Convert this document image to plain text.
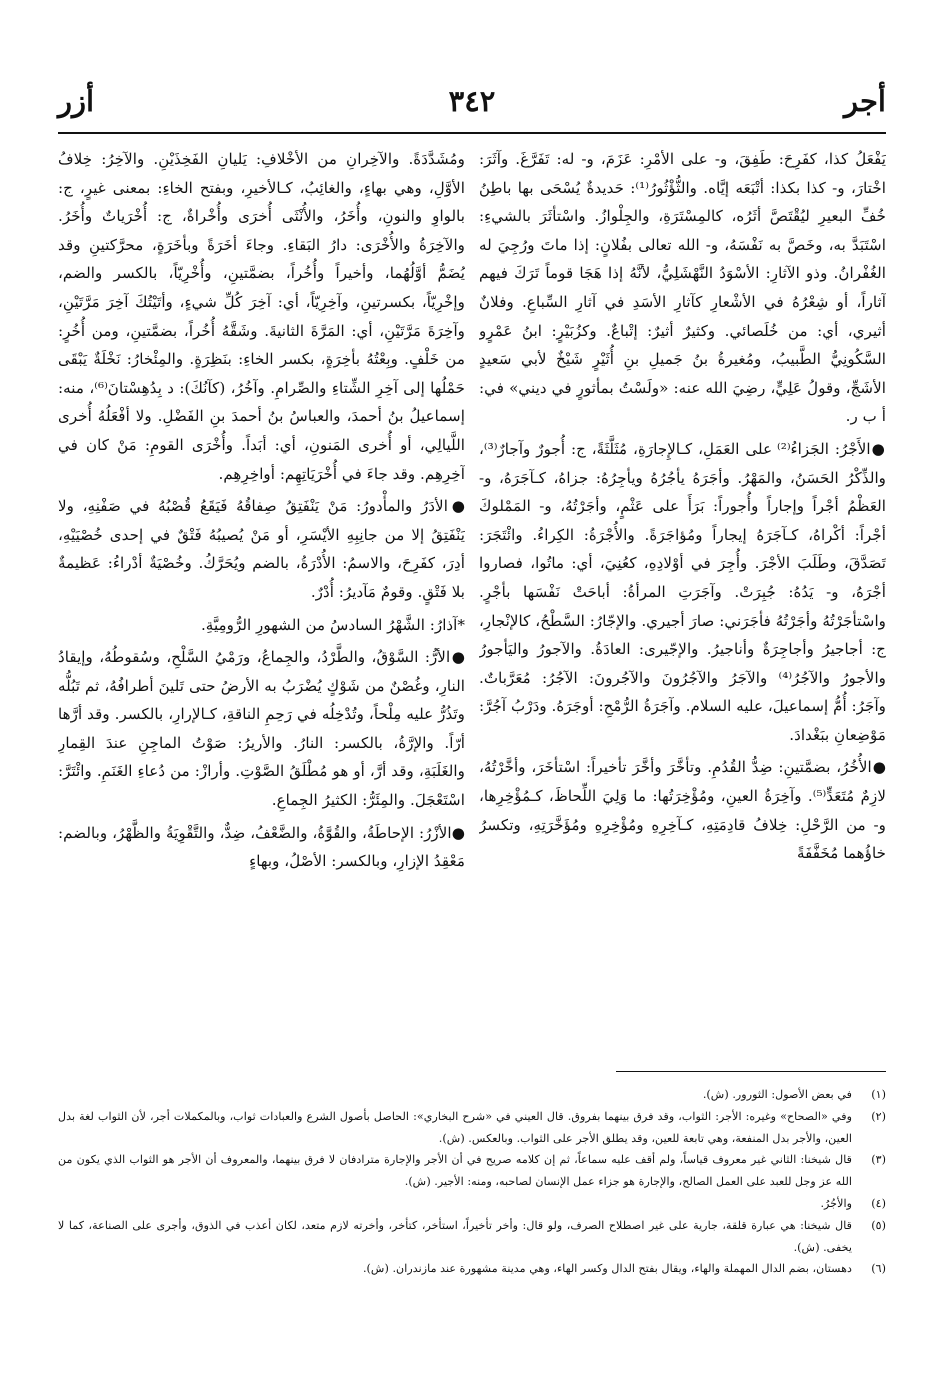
أجر
٣٤٢
أزر

يَفْعَلُ كذا، كفَرِحَ: طَفِقَ، و- على الأمْرِ: عَزَمَ، و- له: تَفَرَّغَ. وآثَرَ: اخْتارَ، و- كذا بكذا: أتْبَعَه إيَّاه. والثُّؤْثُورُ⁽¹⁾: حَديدةٌ يُسْحَى بها باطِنُ خُفِّ البعيرِ ليُقْتَصَّ أثَرُه، كالمِسْتَرَةِ، والجِلْوازُ. واسْتأثَرَ بالشيءِ: اسْتَبَدَّ به، وخَصَّ به نَفْسَهُ، و- الله تعالى بفُلانٍ: إذا ماتَ ورُجِيَ له الغُفْرانُ. وذو الآثارِ: الأسْوَدُ النَّهْشَلِيُّ، لأنَّهُ إذا هَجَا قوماً تَرَكَ فيهم آثاراً، أو شِعْرُهُ في الأشْعارِ كآثارِ الأسَدِ في آثارِ السِّباعِ. وفلانٌ أثيري، أي: من خُلَصائي. وكثيرٌ أثيرٌ: إتْباعٌ. وكزُبَيْرٍ: ابنُ عَمْرٍو السَّكُونِيُّ الطَّبيبُ، ومُغيرةُ بنُ جَميلِ بنِ أُثَيْرٍ شَيْخٌ لأبي سَعيدٍ الأشَجِّ، وقولُ عَلِيٍّ، رضِيَ الله عنه: «ولَسْتُ بمأثورٍ في ديني» في: أ ب ر.

●الأَجْرُ: الجَزاءُ⁽²⁾ على العَمَلِ، كـالإِجارَةِ، مُثَلَّثَةً، ج: أُجورٌ وآجارٌ⁽³⁾، والذِّكْرُ الحَسَنُ، والمَهْرُ. وأجَرَهُ يأجُرُهُ ويأجِرُهُ: جزاهُ، كـآجَرَهُ، و- العَظْمُ أجْراً وإجاراً وأُجوراً: بَرَأَ على عَثْمٍ، وأجَرْتُهُ، و- المَمْلوكَ أجْراً: أكْراهُ، كـآجَرَهُ إيجاراً ومُؤاجَرَةً. والأُجْرَةُ: الكِراءُ. وائْتَجَرَ: تَصَدَّقَ، وطَلَبَ الأجْرَ. وأُجِرَ في أوْلادِهِ، كعُنِيَ، أي: ماتُوا، فصاروا أجْرَهُ، و- يَدُهُ: جُبِرَتْ. وآجَرَتِ المرأةُ: أباحَتْ نَفْسَها بأجْرٍ. واسْتأجَرْتُهُ وأجَرْتُهُ فأجَرَني: صارَ أجيري. والإجّارُ: السَّطْحُ، كالإنْجارِ، ج: أجاجيرُ وأجاجِرَةٌ وأناجيرُ. والإجّيرى: العادَةُ. والآجورُ واليَأجورُ والأجورُ والآجُرُ⁽⁴⁾ والآجَرُ والآجُرُونَ والآجُرونَ: الآجُرُ: مُعَرَّباتٌ. وآجَرُ: أُمُّ إسماعيلَ، عليه السلام. وآجَرَةُ الرُّمْحِ: أوجَرَهُ. ودَرْبُ آجُرَّ: مَوْضِعانِ ببَغْدادَ.

●الأُخُرُ، بضمَّتينِ: ضِدُّ القُدُمِ. وتأخَّرَ وأخَّرَ تأخيراً: اسْتأخَرَ، وأخَّرْتُهُ، لازِمٌ مُتَعَدٍّ⁽⁵⁾. وآخِرَةُ العينِ، ومُؤْخِرَتُها: ما وَلِيَ اللِّحاظَ، كـمُؤْخِرِها، و- من الرَّحْلِ: خِلافُ قادِمَتِهِ، كـآخِرِهِ ومُؤْخِرِهِ ومُؤَخَّرَتِهِ، وتكسرُ خاؤُهما مُخَفَّفَةً

ومُشَدَّدَةً. والآخِرانِ من الأخْلافِ: يَليانِ الفَخِذَيْنِ. والآخِرُ: خِلافُ الأوَّلِ، وهي بهاءٍ، والغائِبُ، كـالأخيرِ، وبفتح الخاءِ: بمعنى غيرٍ، ج: بالواوِ والنونِ، وأُخَرُ، والأُنْثَى أُخرَى وأُخْراةٌ، ج: أُخْرَياتٌ وأُخَرُ. والآخِرَةُ والأُخْرَى: دارُ البَقاءِ. وجاءَ أخَرَةً وبأخَرَةٍ، محرَّكتينِ وقد يُضَمُّ أوَّلُهُما، وأخيراً وأُخُراً، بضمَّتينِ، وأُخْرِيّاً، بالكسر والضم، وإخْرِيّاً، بكسرتينِ، وآخِرِيّاً، أي: آخِرَ كُلِّ شيءٍ، وأتَيْتُكَ آخِرَ مَرَّتَيْنِ، وآخِرَةَ مَرَّتَيْنِ، أي: المَرَّةَ الثانيةَ. وشَقَّهُ أُخُراً، بضمَّتينِ، ومن أُخُرٍ: من خَلْفٍ. وبِعْتُهُ بأخِرَةٍ، بكسر الخاءِ: بنَظِرَةٍ. والمِئْخارُ: نَخْلَةٌ يَبْقَى حَمْلُها إلى آخِرِ الشِّتاءِ والصِّرامِ. وآخُرُ، (كآنُكَ): د بِدُهِسْتانَ⁽⁶⁾، منه: إسماعيلُ بنُ أحمدَ، والعباسُ بنُ أحمدَ بنِ الفَضْلِ. ولا أفْعَلُهُ أُخرى اللَّيالِي، أو أُخرى المَنونِ، أي: أبَداً. وأُخْرَى القومِ: مَنْ كان في آخِرِهِم. وقد جاءَ في أُخْرَيَاتِهِم: أواخِرِهِم.

●الأدَرُ والمأْدورُ: مَنْ يَنْفَتِقُ صِفاقُهُ فَيَقَعُ قُصْبُهُ في صَفْنِهِ، ولا يَنْفَتِقُ إلا من جانِبِهِ الأيْسَرِ، أو مَنْ يُصيبُهُ فَتْقٌ في إحدى خُصْيَيْهِ، أدِرَ، كفَرِحَ، والاسمُ: الأُدْرَةُ، بالضم ويُحَرَّكُ. وخُصْيَةٌ أدْراءُ: عَظيمةٌ بلا فَتْقٍ. وقومٌ مَآديرُ: أُدْرٌ.

*آذارُ: الشَّهْرُ السادسُ من الشهورِ الرُّومِيَّةِ.

●الأرُّ: السَّوْقُ، والطَّرْدُ، والجِماعُ، ورَمْيُ السَّلْحِ، وسُقوطُهُ، وإيقادُ النارِ، وغُصْنٌ من شَوْكٍ يُضْرَبُ به الأرضُ حتى تَلينَ أطرافُهُ، ثم تَبُلُّه وتَذُرُّ عليه مِلْحاً، وتُدْخِلُه في رَحِمِ الناقةِ، كـالإرارِ، بالكسر. وقد أرَّها أرّاً. والإرَّةُ، بالكسر: النارُ. والأريرُ: صَوْتُ الماجِنِ عندَ القِمارِ والغَلَبَةِ، وقد أرَّ، أو هو مُطْلَقُ الصَّوْتِ. وأرازْ: من دُعاءِ الغَنَمِ. وائْتَرَّ: اسْتَعْجَلَ. والمِئَرُّ: الكثيرُ الجِماعِ.

●الأزْرُ: الإحاطَةُ، والقُوَّةُ، والضَّعْفُ، ضِدٌّ، والتَّقْوِيَةُ والظَّهْرُ، وبالضم: مَعْقِدُ الإزارِ، وبالكسر: الأصْلُ، وبهاءٍ

(١)
في بعض الأصول: الثورور. (ش).
(٢)
وفي «الصحاح» وغيره: الأجر: الثواب، وقد فرق بينهما بفروق. قال العيني في «شرح البخاري»: الحاصل بأصول الشرع والعبادات ثواب، وبالمكملات أجر، لأن الثواب لغة بدل العين، والأجر بدل المنفعة، وهي تابعة للعين، وقد يطلق الأجر على الثواب. وبالعكس. (ش).
(٣)
قال شيخنا: الثاني غير معروف قياساً، ولم أقف عليه سماعاً، ثم إن كلامه صريح في أن الأجر والإجارة مترادفان لا فرق بينهما، والمعروف أن الأجر هو الثواب الذي يكون من الله عز وجل للعبد على العمل الصالح، والإجارة هو جزاء عمل الإنسان لصاحبه، ومنه: الأجير. (ش).
(٤)
والأجُرُ.
(٥)
قال شيخنا: هي عبارة قلقة، جارية على غير اصطلاح الصرف، ولو قال: وأخر تأخيراً، استأخر، كتأخر، وأخرته لازم متعد، لكان أعذب في الذوق، وأجرى على الصناعة، كما لا يخفى. (ش).
(٦)
دهستان، بضم الدال المهملة والهاء، ويقال بفتح الدال وكسر الهاء، وهي مدينة مشهورة عند مازندران. (ش).
